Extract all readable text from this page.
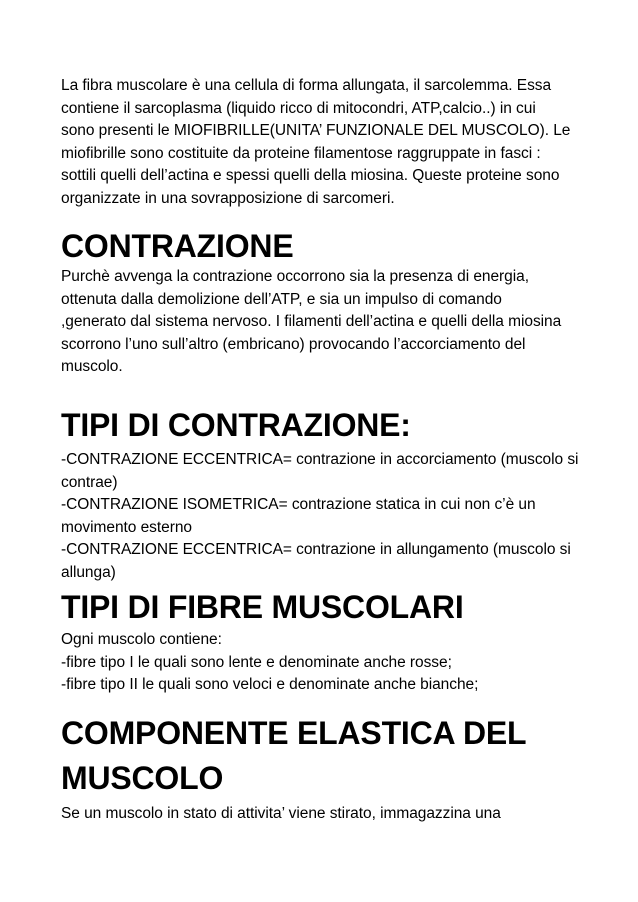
La fibra muscolare è una cellula di forma allungata, il sarcolemma. Essa
contiene il sarcoplasma (liquido ricco di mitocondri, ATP,calcio..) in cui
sono presenti le MIOFIBRILLE(UNITA’ FUNZIONALE DEL MUSCOLO). Le
miofibrille sono costituite da proteine filamentose raggruppate in fasci :
sottili quelli dell’actina e spessi quelli della miosina. Queste proteine sono
organizzate in una sovrapposizione di sarcomeri.
CONTRAZIONE
Purchè avvenga la contrazione occorrono sia la presenza di energia,
ottenuta dalla demolizione dell’ATP, e sia un impulso di comando
,generato dal sistema nervoso. I filamenti dell’actina e quelli della miosina
scorrono l’uno sull’altro (embricano) provocando l’accorciamento del
muscolo.
TIPI DI CONTRAZIONE:
-CONTRAZIONE ECCENTRICA= contrazione in accorciamento (muscolo si
contrae)
-CONTRAZIONE ISOMETRICA= contrazione statica in cui non c’è un
movimento esterno
-CONTRAZIONE ECCENTRICA= contrazione in allungamento (muscolo si
allunga)
TIPI DI FIBRE MUSCOLARI
Ogni muscolo contiene:
-fibre tipo I le quali sono lente e denominate anche rosse;
-fibre tipo II le quali sono veloci e denominate anche bianche;
COMPONENTE ELASTICA DEL
MUSCOLO
Se un muscolo in stato di attivita’ viene stirato, immagazzina una
